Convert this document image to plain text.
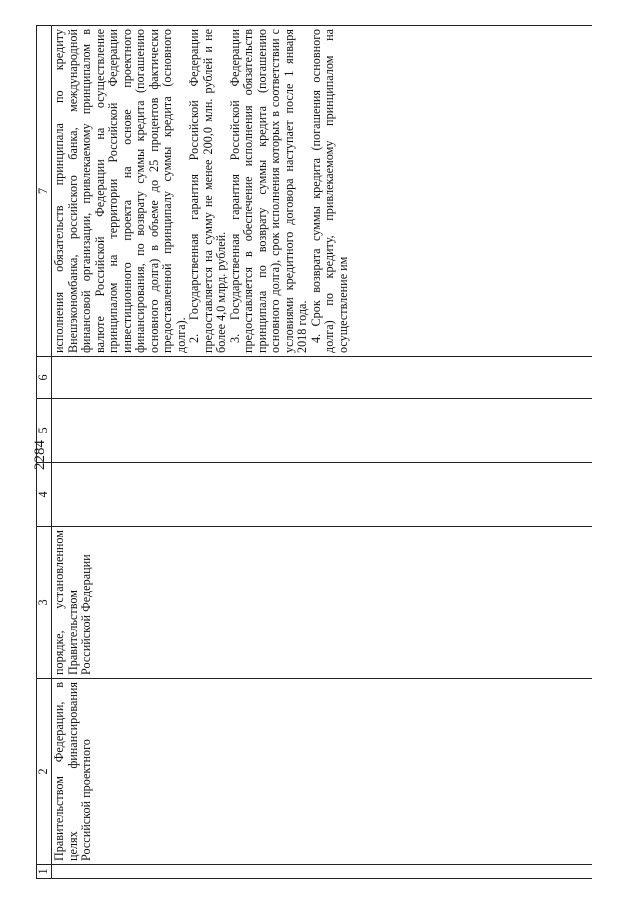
2284
1	2	3	4	5	6	7
	Правительством Федерации, в целях финансирования Российской проектного	порядке, установленном Правительством Российской Федерации				исполнения обязательств принципала по кредиту Внешэкономбанка, российского банка, международной финансовой организации, привлекаемому принципалом в валюте Российской Федерации на осуществление принципалом на территории Российской Федерации инвестиционного проекта на основе проектного финансирования, по возврату суммы кредита (погашению основного долга) в объеме до 25 процентов фактически предоставленной принципалу суммы кредита (основного долга). 2. Государственная гарантия Российской Федерации предоставляется на сумму не менее 200,0 млн. рублей и не более 4,0 млрд. рублей. 3. Государственная гарантия Российской Федерации предоставляется в обеспечение исполнения обязательств принципала по возврату суммы кредита (погашению основного долга), срок исполнения которых в соответствии с условиями кредитного договора наступает после 1 января 2018 года. 4. Срок возврата суммы кредита (погашения основного долга) по кредиту, привлекаемому принципалом на осуществление им
